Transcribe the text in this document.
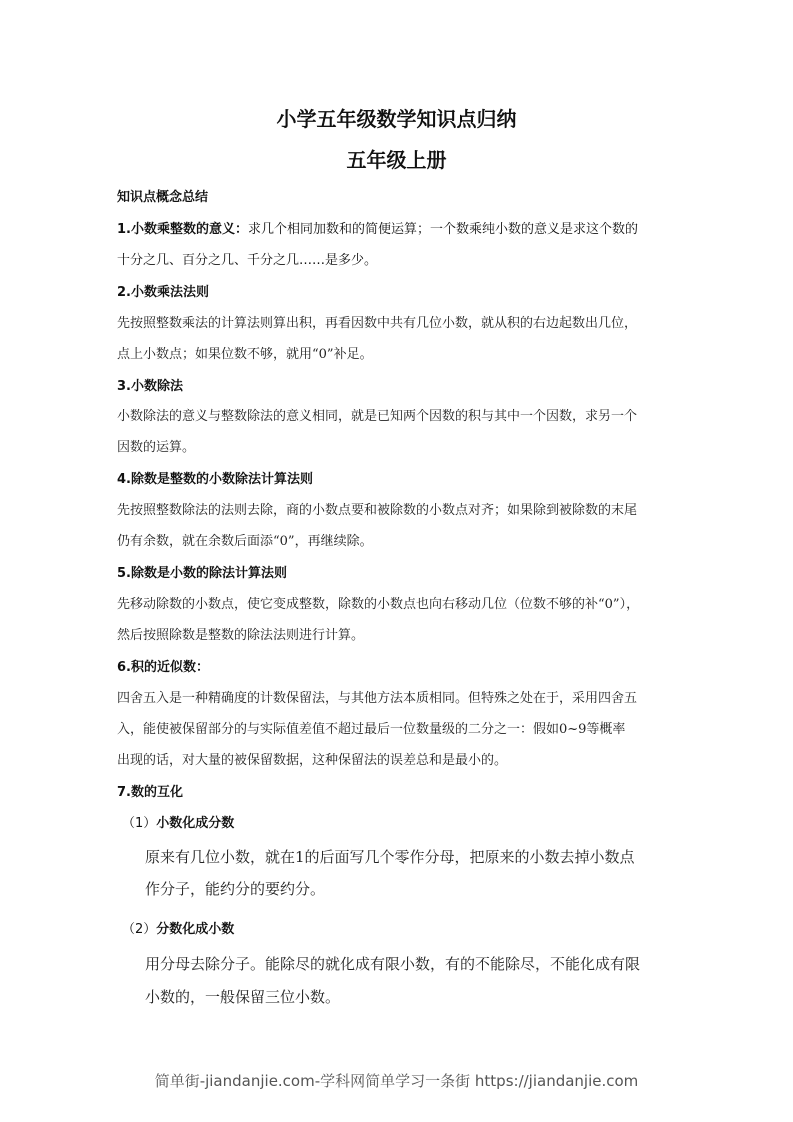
小学五年级数学知识点归纳
五年级上册
知识点概念总结
1.小数乘整数的意义：求几个相同加数和的简便运算；一个数乘纯小数的意义是求这个数的
十分之几、百分之几、千分之几……是多少。
2.小数乘法法则
先按照整数乘法的计算法则算出积，再看因数中共有几位小数，就从积的右边起数出几位，
点上小数点；如果位数不够，就用“0”补足。
3.小数除法
小数除法的意义与整数除法的意义相同，就是已知两个因数的积与其中一个因数，求另一个
因数的运算。
4.除数是整数的小数除法计算法则
先按照整数除法的法则去除，商的小数点要和被除数的小数点对齐；如果除到被除数的末尾
仍有余数，就在余数后面添“0”，再继续除。
5.除数是小数的除法计算法则
先移动除数的小数点，使它变成整数，除数的小数点也向右移动几位（位数不够的补“0”），
然后按照除数是整数的除法法则进行计算。
6.积的近似数：
四舍五入是一种精确度的计数保留法，与其他方法本质相同。但特殊之处在于，采用四舍五
入，能使被保留部分的与实际值差值不超过最后一位数量级的二分之一：假如0~9等概率
出现的话，对大量的被保留数据，这种保留法的误差总和是最小的。
7.数的互化
（1）小数化成分数
原来有几位小数，就在1的后面写几个零作分母，把原来的小数去掉小数点
作分子，能约分的要约分。
（2）分数化成小数
用分母去除分子。能除尽的就化成有限小数，有的不能除尽，不能化成有限
小数的，一般保留三位小数。
简单街-jiandanjie.com-学科网简单学习一条街 https://jiandanjie.com
